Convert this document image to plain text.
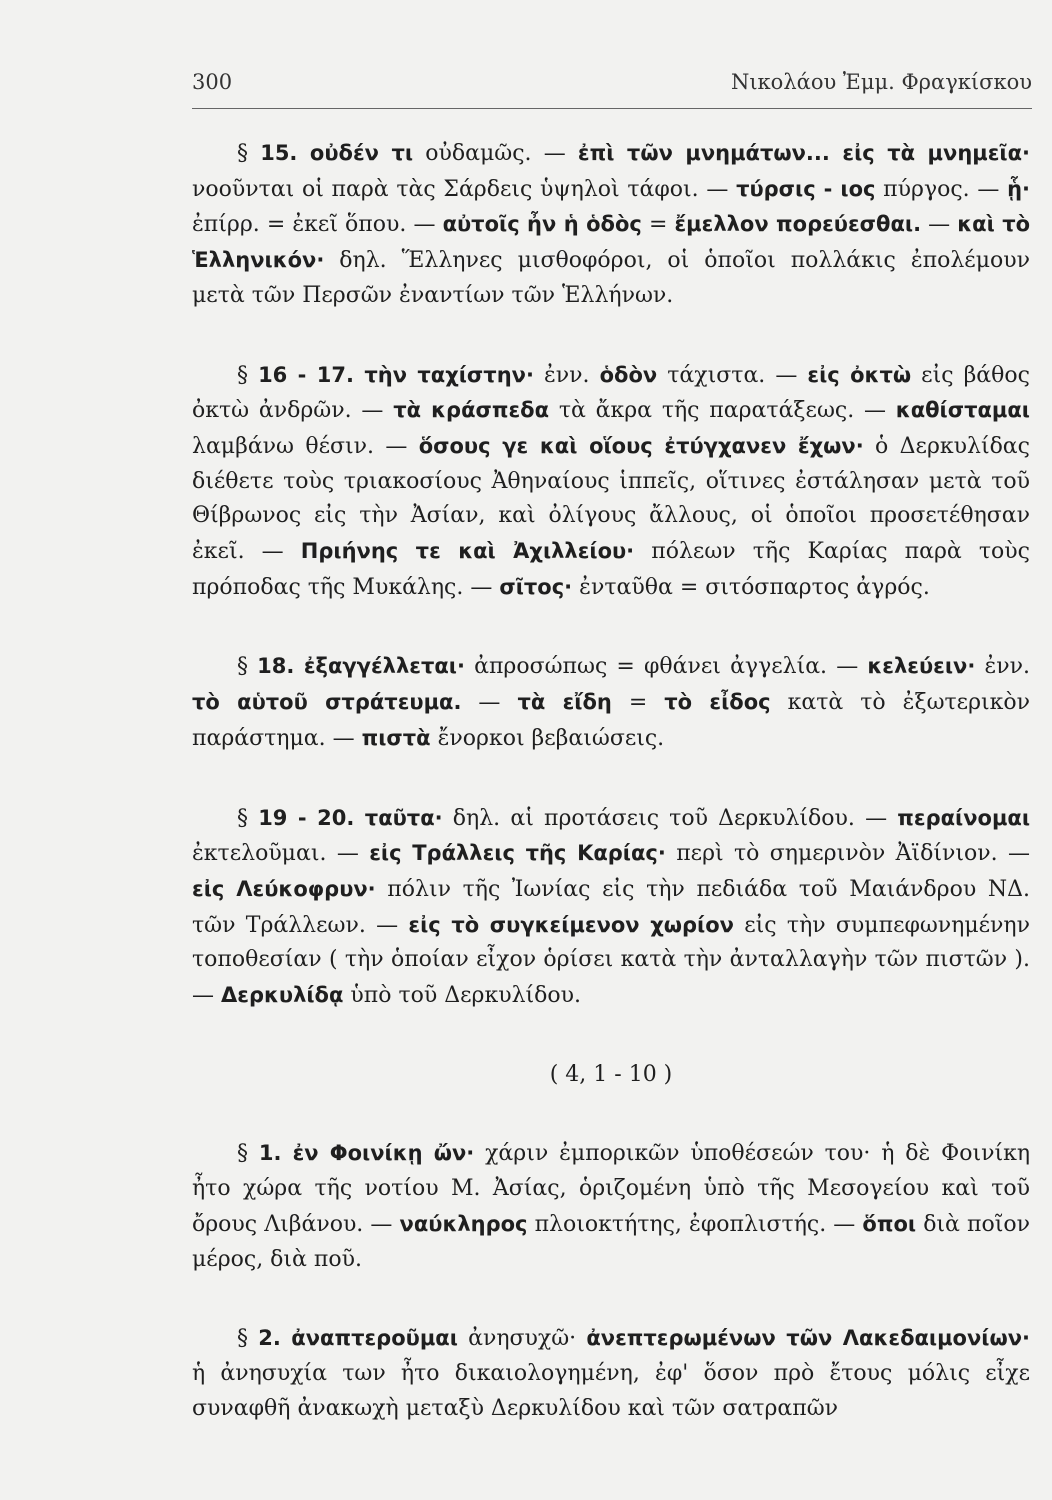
300	Νικολάου Ἐμμ. Φραγκίσκου

§ 15. οὐδέν τι οὐδαμῶς. — ἐπὶ τῶν μνημάτων... εἰς τὰ μνημεῖα· νοοῦνται οἱ παρὰ τὰς Σάρδεις ὑψηλοὶ τάφοι. — τύρσις - ιος πύργος. — ᾗ· ἐπίρρ. = ἐκεῖ ὅπου. — αὐτοῖς ἦν ἡ ὁδὸς = ἔμελλον πορεύεσθαι. — καὶ τὸ Ἑλληνικόν· δηλ. Ἕλληνες μισθοφόροι, οἱ ὁποῖοι πολλάκις ἐπολέμουν μετὰ τῶν Περσῶν ἐναντίων τῶν Ἑλλήνων.

§ 16 - 17. τὴν ταχίστην· ἐνν. ὁδὸν τάχιστα. — εἰς ὀκτὼ εἰς βάθος ὀκτὼ ἀνδρῶν. — τὰ κράσπεδα τὰ ἄκρα τῆς παρατάξεως. — καθίσταμαι λαμβάνω θέσιν. — ὅσους γε καὶ οἵους ἐτύγχανεν ἔχων· ὁ Δερκυλίδας διέθετε τοὺς τριακοσίους Ἀθηναίους ἱππεῖς, οἵτινες ἐστάλησαν μετὰ τοῦ Θίβρωνος εἰς τὴν Ἀσίαν, καὶ ὀλίγους ἄλλους, οἱ ὁποῖοι προσετέθησαν ἐκεῖ. — Πριήνης τε καὶ Ἀχιλλείου· πόλεων τῆς Καρίας παρὰ τοὺς πρόποδας τῆς Μυκάλης. — σῖτος· ἐνταῦθα = σιτόσπαρτος ἀγρός.

§ 18. ἐξαγγέλλεται· ἀπροσώπως = φθάνει ἀγγελία. — κελεύειν· ἐνν. τὸ αὑτοῦ στράτευμα. — τὰ εἴδη = τὸ εἶδος κατὰ τὸ ἐξωτερικὸν παράστημα. — πιστὰ ἔνορκοι βεβαιώσεις.

§ 19 - 20. ταῦτα· δηλ. αἱ προτάσεις τοῦ Δερκυλίδου. — περαίνομαι ἐκτελοῦμαι. — εἰς Τράλλεις τῆς Καρίας· περὶ τὸ σημερινὸν Ἀϊδίνιον. — εἰς Λεύκοφρυν· πόλιν τῆς Ἰωνίας εἰς τὴν πεδιάδα τοῦ Μαιάνδρου ΝΔ. τῶν Τράλλεων. — εἰς τὸ συγκείμενον χωρίον εἰς τὴν συμπεφωνημένην τοποθεσίαν ( τὴν ὁποίαν εἶχον ὁρίσει κατὰ τὴν ἀνταλλαγὴν τῶν πιστῶν ). — Δερκυλίδᾳ ὑπὸ τοῦ Δερκυλίδου.

( 4, 1 - 10 )

§ 1. ἐν Φοινίκῃ ὤν· χάριν ἐμπορικῶν ὑποθέσεών του· ἡ δὲ Φοινίκη ἦτο χώρα τῆς νοτίου Μ. Ἀσίας, ὁριζομένη ὑπὸ τῆς Μεσογείου καὶ τοῦ ὄρους Λιβάνου. — ναύκληρος πλοιοκτήτης, ἐφοπλιστής. — ὅποι διὰ ποῖον μέρος, διὰ ποῦ.

§ 2. ἀναπτεροῦμαι ἀνησυχῶ· ἀνεπτερωμένων τῶν Λακεδαιμονίων· ἡ ἀνησυχία των ἦτο δικαιολογημένη, ἐφ' ὅσον πρὸ ἔτους μόλις εἶχε συναφθῆ ἀνακωχὴ μεταξὺ Δερκυλίδου καὶ τῶν σατραπῶν
